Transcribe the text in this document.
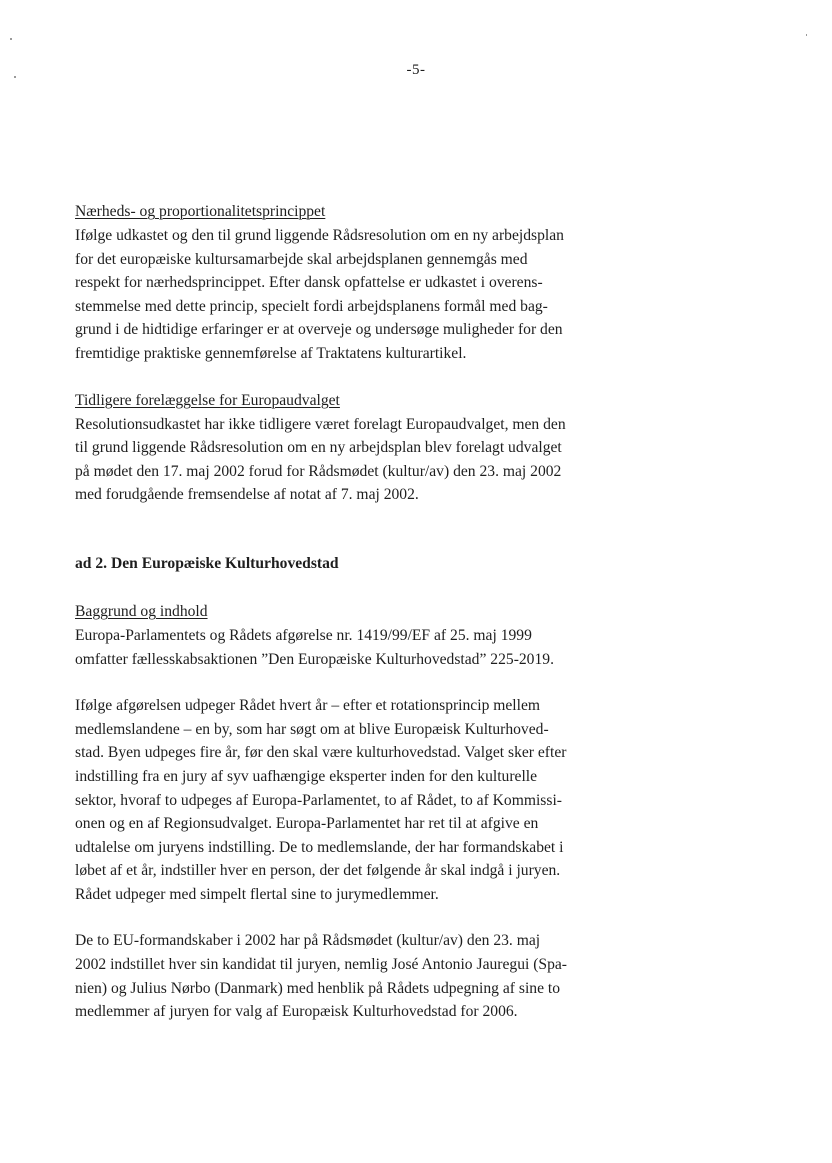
-5-

Nærheds- og proportionalitetsprincippet

Ifølge udkastet og den til grund liggende Rådsresolution om en ny arbejdsplan
for det europæiske kultursamarbejde skal arbejdsplanen gennemgås med
respekt for nærhedsprincippet. Efter dansk opfattelse er udkastet i overens-
stemmelse med dette princip, specielt fordi arbejdsplanens formål med bag-
grund i de hidtidige erfaringer er at overveje og undersøge muligheder for den
fremtidige praktiske gennemførelse af Traktatens kulturartikel.

Tidligere forelæggelse for Europaudvalget

Resolutionsudkastet har ikke tidligere været forelagt Europaudvalget, men den
til grund liggende Rådsresolution om en ny arbejdsplan blev forelagt udvalget
på mødet den 17. maj 2002 forud for Rådsmødet (kultur/av) den 23. maj 2002
med forudgående fremsendelse af notat af 7. maj 2002.

ad 2. Den Europæiske Kulturhovedstad

Baggrund og indhold

Europa-Parlamentets og Rådets afgørelse nr. 1419/99/EF af 25. maj 1999
omfatter fællesskabsaktionen ”Den Europæiske Kulturhovedstad” 225-2019.

Ifølge afgørelsen udpeger Rådet hvert år – efter et rotationsprincip mellem
medlemslandene – en by, som har søgt om at blive Europæisk Kulturhoved-
stad. Byen udpeges fire år, før den skal være kulturhovedstad. Valget sker efter
indstilling fra en jury af syv uafhængige eksperter inden for den kulturelle
sektor, hvoraf to udpeges af Europa-Parlamentet, to af Rådet, to af Kommissi-
onen og en af Regionsudvalget. Europa-Parlamentet har ret til at afgive en
udtalelse om juryens indstilling. De to medlemslande, der har formandskabet i
løbet af et år, indstiller hver en person, der det følgende år skal indgå i juryen.
Rådet udpeger med simpelt flertal sine to jurymedlemmer.

De to EU-formandskaber i 2002 har på Rådsmødet (kultur/av) den 23. maj
2002 indstillet hver sin kandidat til juryen, nemlig José Antonio Jauregui (Spa-
nien) og Julius Nørbo (Danmark) med henblik på Rådets udpegning af sine to
medlemmer af juryen for valg af Europæisk Kulturhovedstad for 2006.
